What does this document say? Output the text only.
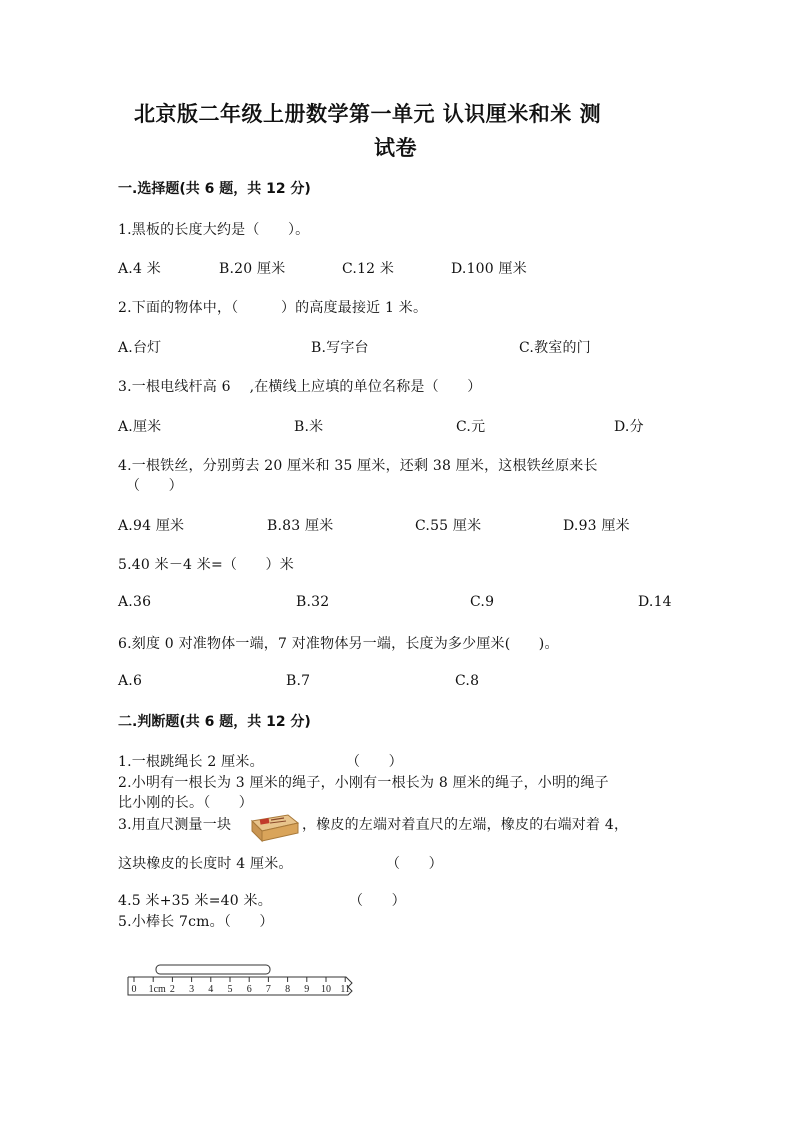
北京版二年级上册数学第一单元 认识厘米和米 测
试卷
一.选择题(共 6 题，共 12 分)
1.黑板的长度大约是（　　）。
A.4 米	B.20 厘米	C.12 米	D.100 厘米
2.下面的物体中，（　　　）的高度最接近 1 米。
A.台灯	B.写字台	C.教室的门
3.一根电线杆高 6　 ,在横线上应填的单位名称是（　　）
A.厘米	B.米	C.元	D.分
4.一根铁丝，分别剪去 20 厘米和 35 厘米，还剩 38 厘米，这根铁丝原来长
（　　）
A.94 厘米	B.83 厘米	C.55 厘米	D.93 厘米
5.40 米－4 米=（　　）米
A.36	B.32	C.9	D.14
6.刻度 0 对准物体一端，7 对准物体另一端，长度为多少厘米(　　)。
A.6	B.7	C.8
二.判断题(共 6 题，共 12 分)
1.一根跳绳长 2 厘米。	（　　）
2.小明有一根长为 3 厘米的绳子，小刚有一根长为 8 厘米的绳子，小明的绳子
比小刚的长。（　　）
3.用直尺测量一块	，橡皮的左端对着直尺的左端，橡皮的右端对着 4，
这块橡皮的长度时 4 厘米。	（　　）
4.5 米+35 米=40 米。	（　　）
5.小棒长 7cm。（　　）
0 1cm 2 3 4 5 6 7 8 9 10 11
